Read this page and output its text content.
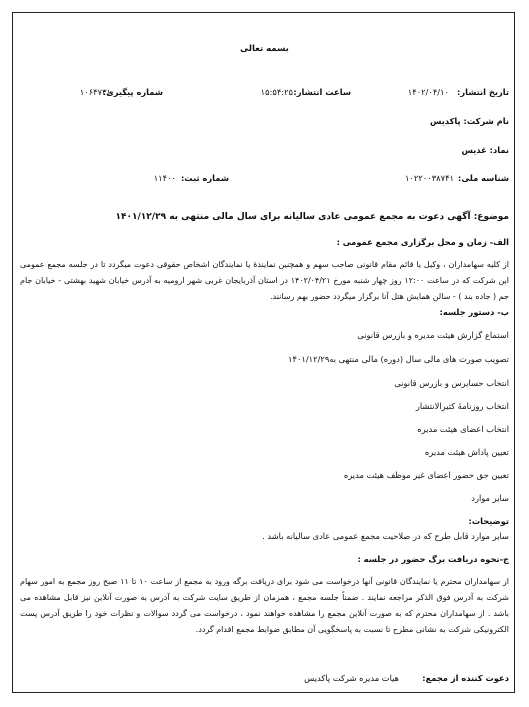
بسمه تعالی
تاریخ انتشار:
۱۴۰۲/۰۴/۱۰
ساعت انتشار:
۱۵:۵۴:۲۵
شماره پیگیری:
۱۰۶۴۷۳۱
نام شرکت: پاکدیس
نماد: غدیس
شناسه ملی:
۱۰۲۲۰۰۳۸۷۴۱
شماره ثبت:
۱۱۴۰۰
موضوع: آگهی دعوت به مجمع عمومی عادی سالیانه برای سال مالی منتهی به ۱۴۰۱/۱۲/۲۹
الف- زمان و محل برگزاری مجمع عمومی :
از کلیه سهامداران ، وکیل یا قائم مقام قانونی صاحب سهم و همچنین نمایندۀ یا نمایندگان اشخاص حقوقی دعوت میگردد تا در جلسه مجمع عمومی این شرکت که در ساعت ۱۲:۰۰ روز چهار شنبه مورخ ۱۴۰۲/۰۴/۲۱ در استان آذربایجان غربی شهر ارومیه به آدرس خیابان شهید بهشتی - خیابان جام جم ( جاده بند ) - سالن همایش هتل آنا برگزار میگردد حضور بهم رسانند.
ب- دستور جلسه:
استماع گزارش هیئت مدیره و بازرس قانونی
تصویب صورت های مالی سال (دوره) مالی منتهی به۱۴۰۱/۱۲/۲۹
انتخاب حسابرس و بازرس قانونی
انتخاب روزنامۀ کثیرالانتشار
انتخاب اعضای هیئت مدیره
تعیین پاداش هیئت مدیره
تعیین حق حضور اعضای غیر موظف هیئت مدیره
سایر موارد
توضیحات:
سایر موارد قابل طرح که در صلاحیت مجمع عمومی عادی سالیانه باشد .
ج-نحوه دریافت برگ حضور در جلسه :
از سهامداران محترم یا نمایندگان قانونی آنها درخواست می شود برای دریافت برگه ورود به مجمع از ساعت ۱۰ تا ۱۱ صبح روز مجمع به امور سهام شرکت به آدرس فوق الذکر مراجعه نمایند . ضمناً جلسه مجمع ، همزمان از طریق سایت شرکت به آدرس به صورت آنلاین نیز قابل مشاهده می باشد . از سهامداران محترم که به صورت آنلاین مجمع را مشاهده خواهند نمود ، درخواست می گردد سوالات و نظرات خود را طریق آدرس پست الکترونیکی شرکت به نشانی مطرح تا نسبت به پاسخگویی آن مطابق ضوابط مجمع اقدام گردد.
دعوت کننده از مجمع:
هیات مدیره شرکت پاکدیس
